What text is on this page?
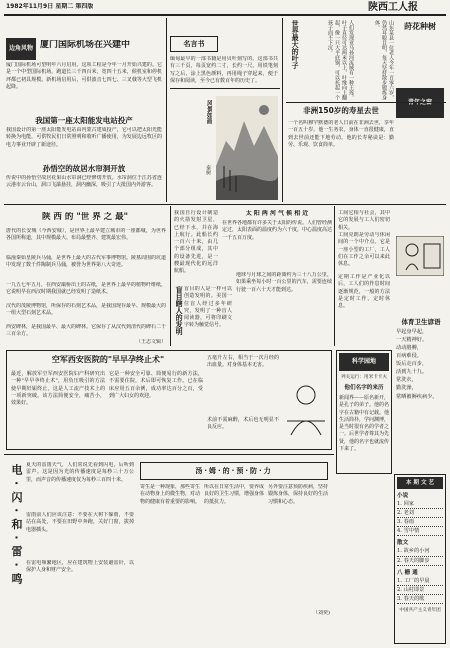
1982年11月9日 星期二 第四版	陕西工人报
边角风物 厦门国际机场在兴建中
厦门国际机场可望明年六月启用。这项工程是今年一月开始兴建的。它是一个中型国际机场，跑道长三千四百米，宽四十五米，候机室和停机坪都已初具规模。新机场启用后，可供波音七四七、三叉戟等大型飞机起降。
我国第一座太阳能发电站投产
我国设计的第一座太阳能发电站由内蒙古建成投产，它可以把太阳光能转换为电能，可供牧民们日常照明和收听广播使用，为发展边远牧区的电力事业开辟了新途径。
孙悟空的故居水帘洞开放
传说中的孙悟空故居花果山水帘洞已经修缮开放。水帘洞位于江苏省连云港市云台山，洞口飞瀑悬挂，洞内幽深，吸引了大批国内外游客。
名言书
缅甸最早的一部书籍是用贝叶刻写的。这部书共有三千页，每页宽约二寸，长约一尺。用铁笔刻写之后，涂上黑色颜料，再用绳子穿起来，便于保存和阅读，至今已有数百年的历史了。
风景如画
秦树
世界最大的叶子	人们发现亚马孙河流域有一种王莲，叶子直径可达两米以上，叶缘向上翻起，像一只大平底锅，可以托起一个孩子而不下沉。	莳花种树
山东某县一位老人今年一百零六岁，仍然耳聪目明，每天坚持散步锻炼身体。
非洲150岁的寿星去世
一个名叫穆罕默德的老人日前在非洲去世，享年一百五十岁。他一生务农，身体一直很健康，直到去世前还能下地劳动。他的长寿秘诀是：勤劳、乐观、饮食简单。
陕 西 的 "世 界 之 最"
唐代的长安城（今西安城），是世界上最早建立城市的一座都城，为世界各国所称道，其中规模最大、布局最整齐、建筑最宏伟。
临潼秦始皇陵兵马俑，是世界上最大的古代军事博物馆。陵墓周围的坑道中发现了数千件陶制兵马俑，被誉为世界第八大奇迹。
一九五七年五月，在西安灞桥出土的古纸，是世界上最早的植物纤维纸，它说明早在西汉时期我国就已经发明了造纸术。
汉代的茂陵博物馆，所保存的石刻艺术品，是我国现存最早、规模最大的一组大型石刻艺术品。
西安碑林，是我国最早、最大的碑林。它保存了从汉代到清代的碑石二千三百余方。
（王志文辑）
我国自行设计制造的火箭发射卫星，已经下水，并在海上航行。此船长约一百六十米，由几个部分组成，其中的设备先进，是一艘最现代化的远洋航船。
太 阳 两 河 气 候 相 近
在世界各地都有许多关于太阳的传说。人们曾经测定过，太阳表面的温度约为六千度，中心温度高达一千五百万度。
盲目瞎人的发明 盲目的人是一样可以创造发明的。美国一位盲人经过多年研究，发明了一种盲人阅读器，可将印刷文字转为触觉信号。
地球与月球之间的距离约为三十八万公里，如果乘坐每小时一百公里的汽车，需要连续行驶一百六十天才能到达。
工间它相与社会，其中它的发展与工人们密切相关。
工间克朗是劳动与休闲间的一个中介点。它是一座小型的工厂，工人们在工作之余可以来此休息。
定期工作是产业化以后，工人们的作息时间逐渐规范，一般的方法是定时工作，定时休息。
体育卫生谚语
早起身早起，
一天精神好。
动动胳膊，
百病难侵。
饭后走百步，
活到九十九。
常洗衣，
勤洗澡，
常晒被褥疾病少。
空军西安医院的"早早孕终止术"
最近，解放军空军西安医院妇产科研究出一种"早早孕终止术"，用负压吸引的方法使早期妊娠终止，这是人工流产技术上的一项新突破。该方法简便安全，痛苦小，效果好。
它是一种安全可靠、简便易行的新方法，不需要住院，术后即可恢复工作。已在临床应用五百余例，成功率达百分之百，受到广大妇女的欢迎。
五毫升左右，相当于一次月经的出血量。对身体基本无害。
术前不需麻醉，术后也无明显不良反应。
科学园地
列关运行：用米卡卡夫
他们名字的来历
新闻界——原名新开，是孔子的弟子。他的名字在古籍中有记载。他生活简朴，学问渊博，是当时很有名的学者之一。后世学者尊其为先贤，他的名字也就流传下来了。
电·闪·和·雷·鸣 夏天的雷雨天气，人们常说先看到闪电，后听到雷声。这是因为光的传播速度是每秒三十万公里，而声音的传播速度仅为每秒三百四十米。
雷雨前人们应该注意：不要在大树下躲雨，不要站在高处，不要在田野中奔跑，关好门窗，拔掉电器插头。
在雷电频繁地区，应在建筑物上安装避雷针，以保护人身和财产安全。
汤·姆·的·预·防·力
寄生是一种现象，那些寄生在动物身上的微生物，对动物的健康有着重要的影响。
所以在日常生活中，要养成良好的卫生习惯，增强身体的抵抗力。
另外要注意预防疾病，坚持锻炼身体，保持良好的生活习惯和心态。
（刘奕)
本 期 文 艺
小说
1. 回家
2. 老刘
3. 春雨
4. 雪中情
散文
1. 故乡的小河
2. 春天的脚步
八 栅 通
1. 工厂的早晨
2. 山村即景
3. 春天的歌
中国共产主义青年团
